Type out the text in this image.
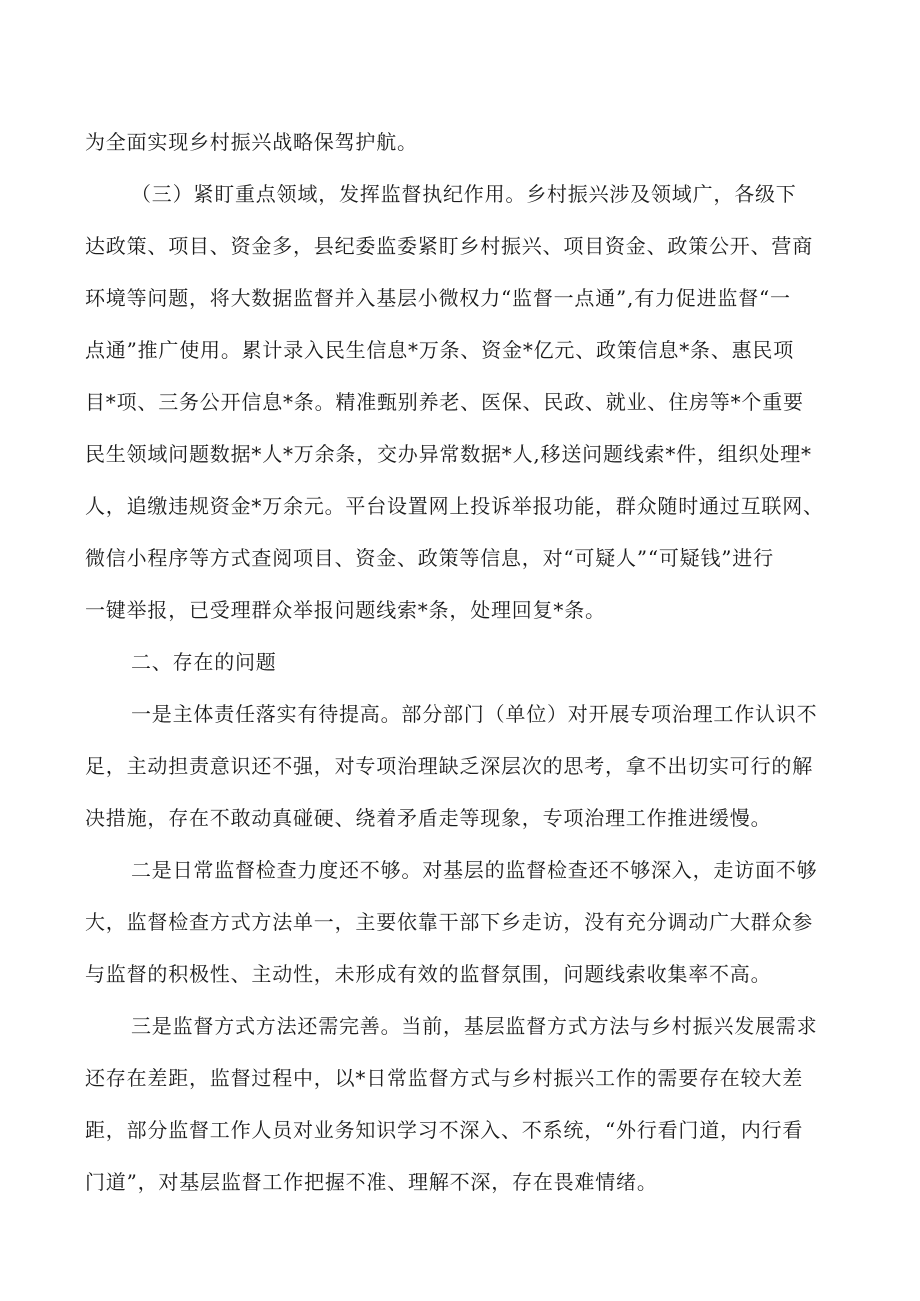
为全面实现乡村振兴战略保驾护航。
（三）紧盯重点领域，发挥监督执纪作用。乡村振兴涉及领域广，各级下
达政策、项目、资金多，县纪委监委紧盯乡村振兴、项目资金、政策公开、营商
环境等问题，将大数据监督并入基层小微权力“监督一点通”,有力促进监督“一
点通”推广使用。累计录入民生信息*万条、资金*亿元、政策信息*条、惠民项
目*项、三务公开信息*条。精准甄别养老、医保、民政、就业、住房等*个重要
民生领域问题数据*人*万余条，交办异常数据*人,移送问题线索*件，组织处理*
人，追缴违规资金*万余元。平台设置网上投诉举报功能，群众随时通过互联网、
微信小程序等方式查阅项目、资金、政策等信息，对“可疑人”“可疑钱”进行
一键举报，已受理群众举报问题线索*条，处理回复*条。
二、存在的问题
一是主体责任落实有待提高。部分部门（单位）对开展专项治理工作认识不
足，主动担责意识还不强，对专项治理缺乏深层次的思考，拿不出切实可行的解
决措施，存在不敢动真碰硬、绕着矛盾走等现象，专项治理工作推进缓慢。
二是日常监督检查力度还不够。对基层的监督检查还不够深入，走访面不够
大，监督检查方式方法单一，主要依靠干部下乡走访，没有充分调动广大群众参
与监督的积极性、主动性，未形成有效的监督氛围，问题线索收集率不高。
三是监督方式方法还需完善。当前，基层监督方式方法与乡村振兴发展需求
还存在差距，监督过程中，以*日常监督方式与乡村振兴工作的需要存在较大差
距，部分监督工作人员对业务知识学习不深入、不系统，“外行看门道，内行看
门道”，对基层监督工作把握不准、理解不深，存在畏难情绪。
